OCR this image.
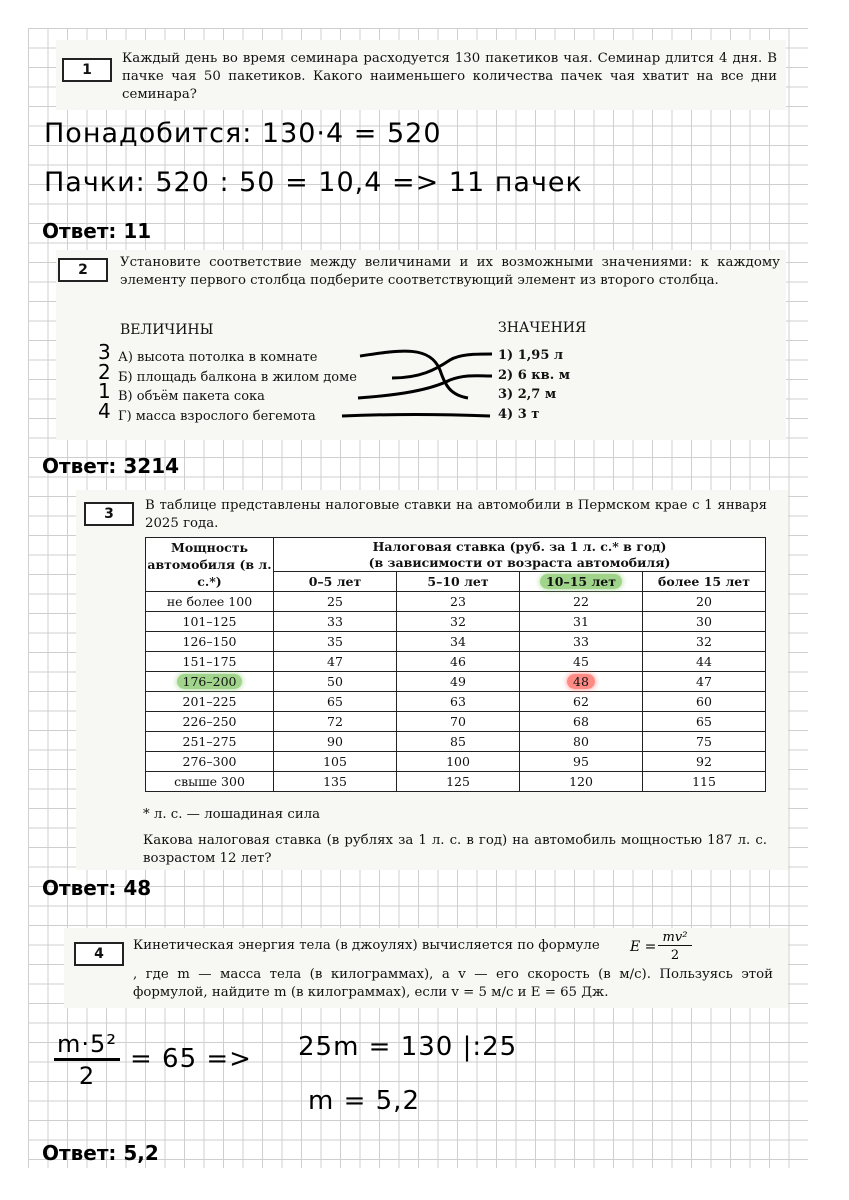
1
Каждый день во время семинара расходуется 130 пакетиков чая. Семинар длится 4 дня. В пачке чая 50 пакетиков. Какого наименьшего количества пачек чая хватит на все дни семинара?
Понадобится: 130·4 = 520
Пачки: 520 : 50 = 10,4 => 11 пачек
Ответ: 11
2	Установите соответствие между величинами и их возможными значениями: к каждому элементу первого столбца подберите соответствующий элемент из второго столбца.
ВЕЛИЧИНЫ	ЗНАЧЕНИЯ
А) высота потолка в комнате
Б) площадь балкона в жилом доме
В) объём пакета сока
Г) масса взрослого бегемота
1) 1,95 л
2) 6 кв. м
3) 2,7 м
4) 3 т
3
2
1
4
Ответ: 3214
3
В таблице представлены налоговые ставки на автомобили в Пермском крае с 1 января 2025 года.
Мощность автомобиля (в л. с.*)	Налоговая ставка (руб. за 1 л. с.* в год)
(в зависимости от возраста автомобиля)			

	0–5 лет	5–10 лет	10–15 лет	более 15 лет
не более 100	25	23	22	20
101–125	33	32	31	30
126–150	35	34	33	32
151–175	47	46	45	44
176–200	50	49	48	47
201–225	65	63	62	60
226–250	72	70	68	65
251–275	90	85	80	75
276–300	105	100	95	92
свыше 300	135	125	120	115
* л. с. — лошадиная сила
Какова налоговая ставка (в рублях за 1 л. с. в год) на автомобиль мощностью 187 л. с. возрастом 12 лет?
Ответ: 48
4
Кинетическая энергия тела (в джоулях) вычисляется по формуле E =
mv²
2
, где m — масса тела (в килограммах), а v — его скорость (в м/с). Пользуясь этой формулой, найдите m (в килограммах), если v = 5 м/с и E = 65 Дж.
m·5²
2
= 65 => 25m = 130 |:25
m = 5,2
Ответ: 5,2
